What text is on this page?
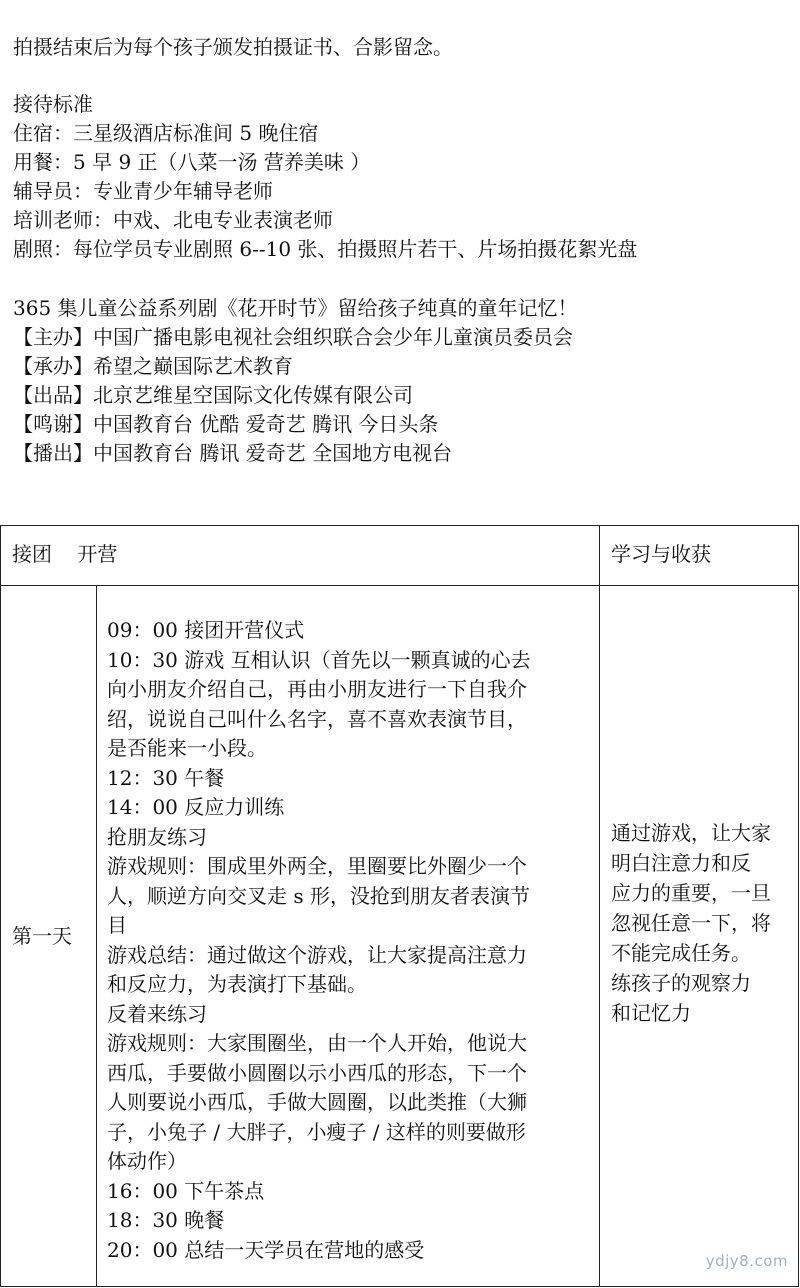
拍摄结束后为每个孩子颁发拍摄证书、合影留念。
接待标准
住宿：三星级酒店标准间 5 晚住宿
用餐：5 早 9 正（八菜一汤 营养美味 ）
辅导员：专业青少年辅导老师
培训老师：中戏、北电专业表演老师
剧照：每位学员专业剧照 6--10 张、拍摄照片若干、片场拍摄花絮光盘
365 集儿童公益系列剧《花开时节》留给孩子纯真的童年记忆！
【主办】中国广播电影电视社会组织联合会少年儿童演员委员会
【承办】希望之巅国际艺术教育
【出品】北京艺维星空国际文化传媒有限公司
【鸣谢】中国教育台 优酷 爱奇艺 腾讯 今日头条
【播出】中国教育台 腾讯 爱奇艺 全国地方电视台
接团    开营	学习与收获
第一天
09：00 接团开营仪式
10：30 游戏 互相认识（首先以一颗真诚的心去
向小朋友介绍自己，再由小朋友进行一下自我介
绍，说说自己叫什么名字，喜不喜欢表演节目，
是否能来一小段。
12：30 午餐
14：00 反应力训练
抢朋友练习
游戏规则：围成里外两全，里圈要比外圈少一个
人，顺逆方向交叉走 s 形，没抢到朋友者表演节
目
游戏总结：通过做这个游戏，让大家提高注意力
和反应力，为表演打下基础。
反着来练习
游戏规则：大家围圈坐，由一个人开始，他说大
西瓜，手要做小圆圈以示小西瓜的形态，下一个
人则要说小西瓜，手做大圆圈，以此类推（大狮
子，小兔子 / 大胖子，小瘦子 / 这样的则要做形
体动作）
16：00 下午茶点
18：30 晚餐
20：00 总结一天学员在营地的感受
通过游戏，让大家
明白注意力和反
应力的重要，一旦
忽视任意一下，将
不能完成任务。
练孩子的观察力
和记忆力
ydjy8.com
